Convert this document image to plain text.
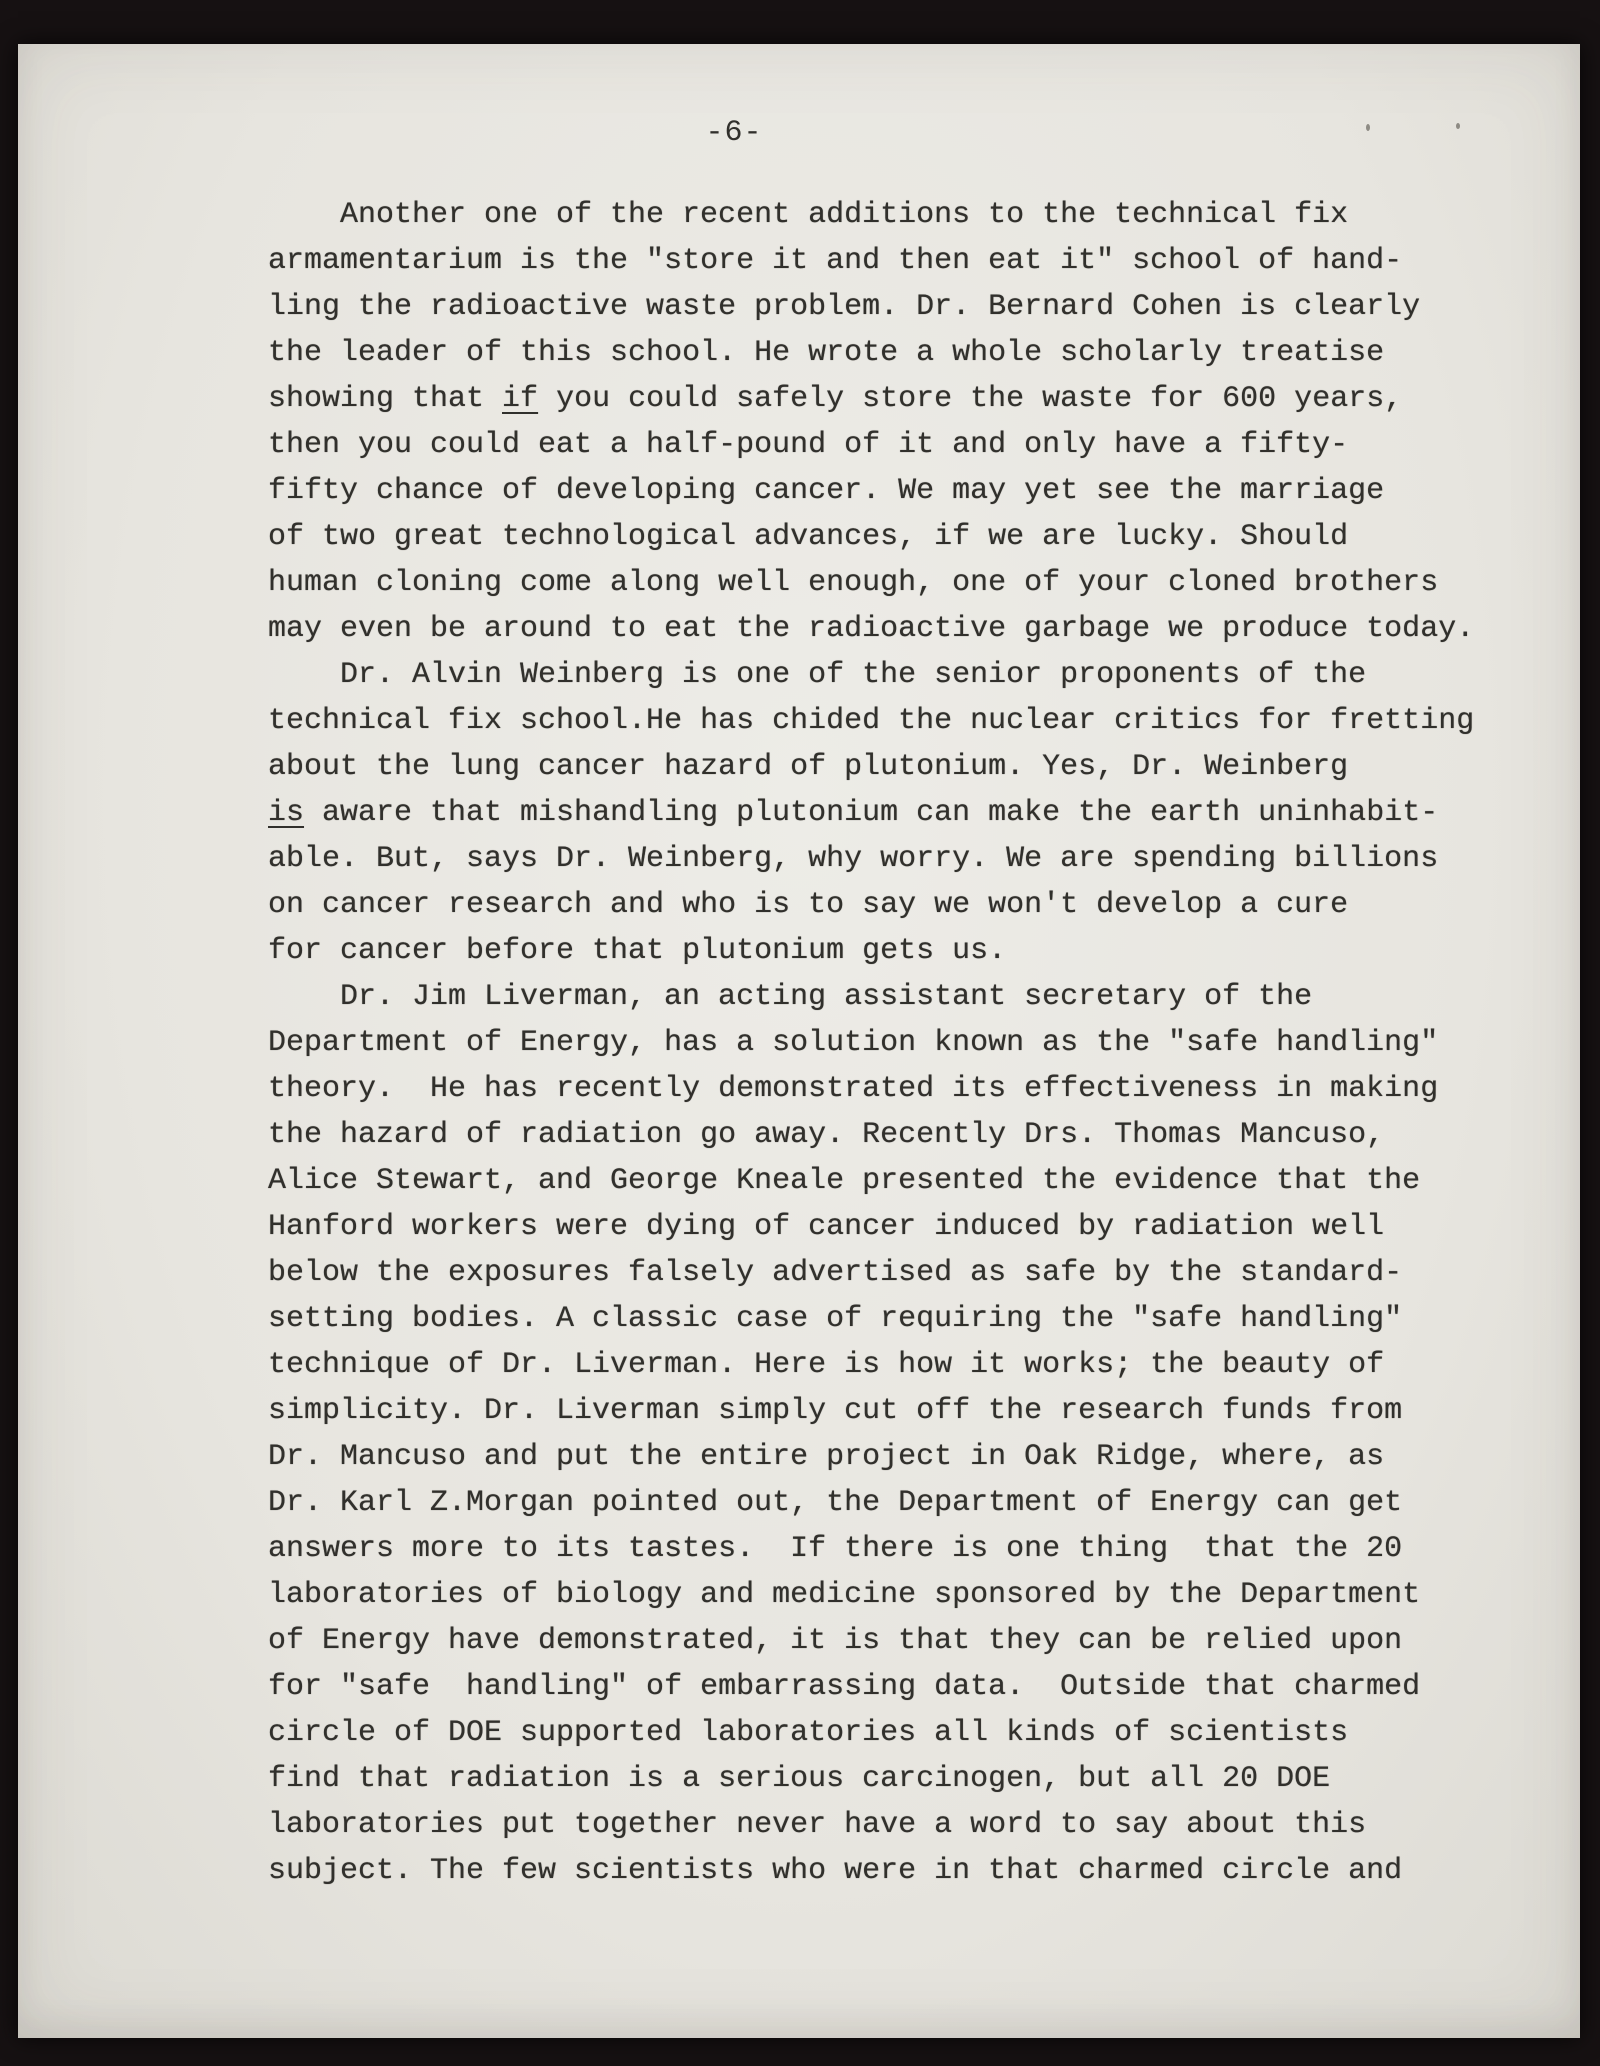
-6-
Another one of the recent additions to the technical fix
armamentarium is the "store it and then eat it" school of hand-
ling the radioactive waste problem. Dr. Bernard Cohen is clearly
the leader of this school. He wrote a whole scholarly treatise
showing that if you could safely store the waste for 600 years,
then you could eat a half-pound of it and only have a fifty-
fifty chance of developing cancer. We may yet see the marriage
of two great technological advances, if we are lucky. Should
human cloning come along well enough, one of your cloned brothers
may even be around to eat the radioactive garbage we produce today.
Dr. Alvin Weinberg is one of the senior proponents of the
technical fix school.He has chided the nuclear critics for fretting
about the lung cancer hazard of plutonium. Yes, Dr. Weinberg
is aware that mishandling plutonium can make the earth uninhabit-
able. But, says Dr. Weinberg, why worry. We are spending billions
on cancer research and who is to say we won't develop a cure
for cancer before that plutonium gets us.
Dr. Jim Liverman, an acting assistant secretary of the
Department of Energy, has a solution known as the "safe handling"
theory.  He has recently demonstrated its effectiveness in making
the hazard of radiation go away. Recently Drs. Thomas Mancuso,
Alice Stewart, and George Kneale presented the evidence that the
Hanford workers were dying of cancer induced by radiation well
below the exposures falsely advertised as safe by the standard-
setting bodies. A classic case of requiring the "safe handling"
technique of Dr. Liverman. Here is how it works; the beauty of
simplicity. Dr. Liverman simply cut off the research funds from
Dr. Mancuso and put the entire project in Oak Ridge, where, as
Dr. Karl Z.Morgan pointed out, the Department of Energy can get
answers more to its tastes.  If there is one thing  that the 20
laboratories of biology and medicine sponsored by the Department
of Energy have demonstrated, it is that they can be relied upon
for "safe  handling" of embarrassing data.  Outside that charmed
circle of DOE supported laboratories all kinds of scientists
find that radiation is a serious carcinogen, but all 20 DOE
laboratories put together never have a word to say about this
subject. The few scientists who were in that charmed circle and
